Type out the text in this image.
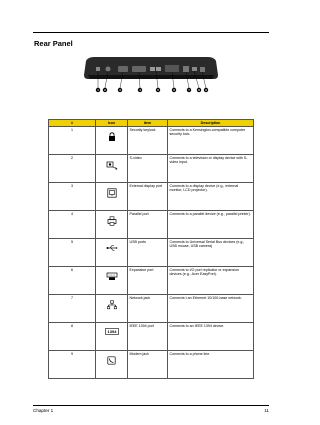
Rear Panel
1 2	3	4	5	6	7	8 9
#	Icon	Item	Description
1		Security keylock	Connects to a Kensington-compatible computer security lock.
2		S-video	Connects to a television or display device with S-video input.
3		External display port	Connects to a display device (e.g., external monitor, LCD projector).
4		Parallel port	Connects to a parallel device (e.g., parallel printer).
5		USB ports	Connects to Universal Serial Bus devices (e.g., USB mouse, USB camera)
6		Expansion port	Connects to I/O port replicator or expansion devices (e.g., Acer EasyPort).
7		Network jack	Connects t an Ethernet 10/100-base network.
8	1394	IEEE 1394 port	Connects to an IEEE 1394 device.
9		Modem jack	Connects to a phone line.
Chapter 1	11
